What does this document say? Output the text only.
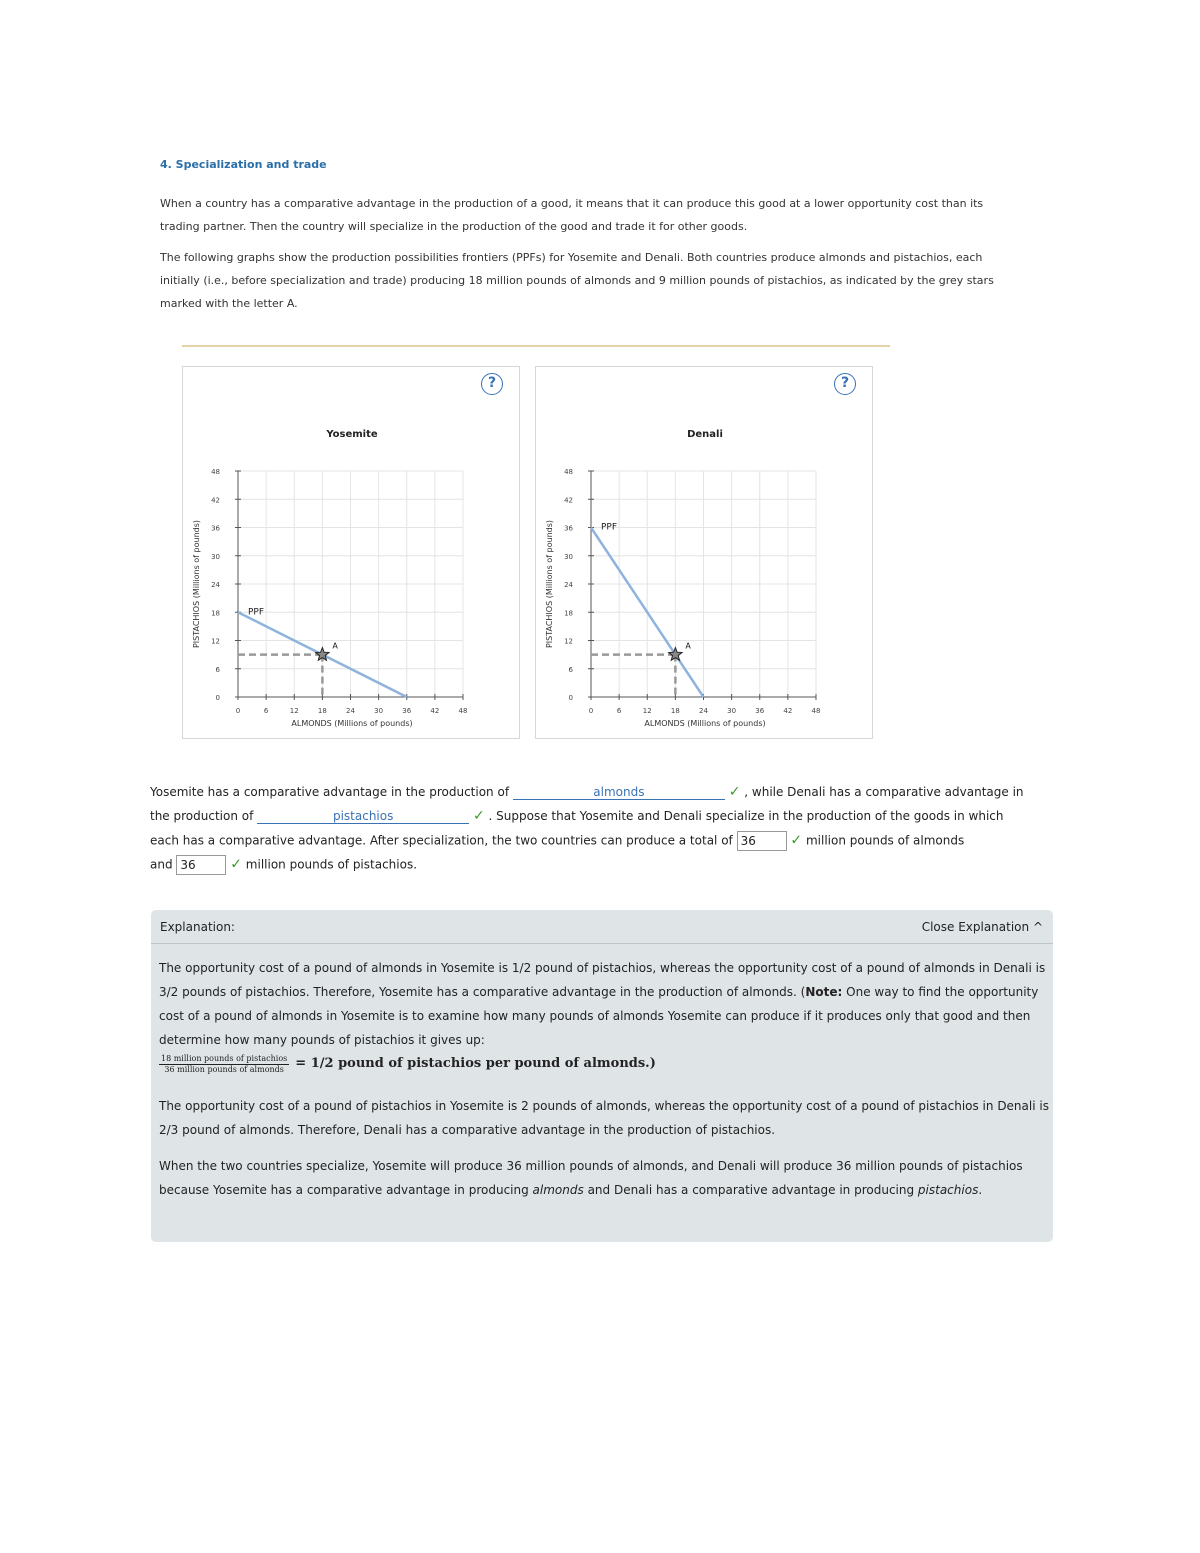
4. Specialization and trade
When a country has a comparative advantage in the production of a good, it means that it can produce this good at a lower opportunity cost than its trading partner. Then the country will specialize in the production of the good and trade it for other goods.
The following graphs show the production possibilities frontiers (PPFs) for Yosemite and Denali. Both countries produce almonds and pistachios, each initially (i.e., before specialization and trade) producing 18 million pounds of almonds and 9 million pounds of pistachios, as indicated by the grey stars marked with the letter A.
Yosemite
0
6
12
18
24
30
36
42
48
0	6	12	18	24	30	36	42	48
ALMONDS (Millions of pounds)
PISTACHIOS (Millions of pounds)	PPF
A
?
Denali
0
6
12
18
24
30
36
42
48
0	6	12	18	24	30	36	42	48
ALMONDS (Millions of pounds)
PISTACHIOS (Millions of pounds)	PPF
A
?
Yosemite has a comparative advantage in the production of	almonds	✓ , while Denali has a comparative advantage in
the production of	pistachios	✓ . Suppose that Yosemite and Denali specialize in the production of the goods in which
each has a comparative advantage. After specialization, the two countries can produce a total of 36 ✓ million pounds of almonds
and 36 ✓ million pounds of pistachios.
Explanation:	Close Explanation ^
The opportunity cost of a pound of almonds in Yosemite is 1/2 pound of pistachios, whereas the opportunity cost of a pound of almonds in Denali is 3/2 pounds of pistachios. Therefore, Yosemite has a comparative advantage in the production of almonds. (Note: One way to find the opportunity cost of a pound of almonds in Yosemite is to examine how many pounds of almonds Yosemite can produce if it produces only that good and then determine how many pounds of pistachios it gives up:
$\frac{\text{18 million pounds of pistachios}}{\text{36 million pounds of almonds}} = 1/2$ pound of pistachios per pound of almonds.)
The opportunity cost of a pound of pistachios in Yosemite is 2 pounds of almonds, whereas the opportunity cost of a pound of pistachios in Denali is 2/3 pound of almonds. Therefore, Denali has a comparative advantage in the production of pistachios.
When the two countries specialize, Yosemite will produce 36 million pounds of almonds, and Denali will produce 36 million pounds of pistachios because Yosemite has a comparative advantage in producing almonds and Denali has a comparative advantage in producing pistachios.
